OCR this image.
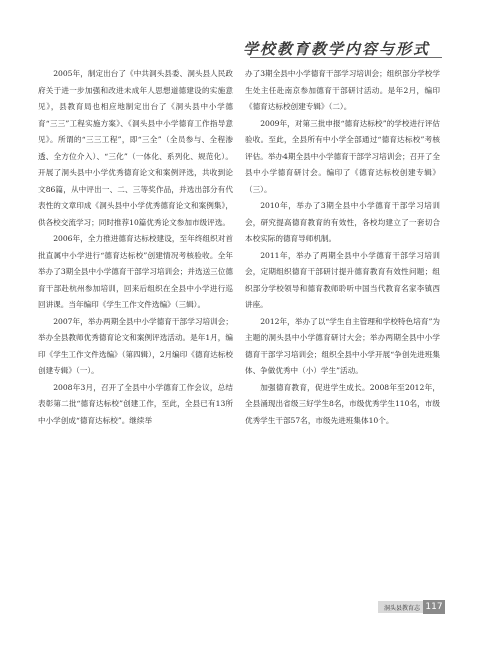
学校教育教学内容与形式

2005年，制定出台了《中共洞头县委、洞头县人民政府关于进一步加强和改进未成年人思想道德建设的实施意见》，县教育局也相应地制定出台了《洞头县中小学德育“三三”工程实施方案》、《洞头县中小学德育工作指导意见》。所谓的“三三工程”，即“三全”（全员参与、全程渗透、全方位介入）、“三化”（一体化、系列化、规范化）。开展了洞头县中小学优秀德育论文和案例评选，共收到论文86篇，从中评出一、二、三等奖作品，并选出部分有代表性的文章印成《洞头县中小学优秀德育论文和案例集》，供各校交流学习；同时推荐10篇优秀论文参加市级评选。

2006年，全力推进德育达标校建设，至年终组织对首批直属中小学进行“德育达标校”创建情况考核验收。全年举办了3期全县中小学德育干部学习培训会；并选送三位德育干部赴杭州参加培训，回来后组织在全县中小学进行巡回讲课。当年编印《学生工作文件选编》（三辑）。

2007年，举办两期全县中小学德育干部学习培训会；举办全县教师优秀德育论文和案例评选活动。是年1月，编印《学生工作文件选编》（第四辑），2月编印《德育达标校创建专辑》（一）。

2008年3月，召开了全县中小学德育工作会议，总结表彰第二批“德育达标校”创建工作，至此，全县已有13所中小学创成“德育达标校”。继续举

办了3期全县中小学德育干部学习培训会；组织部分学校学生处主任赴南京参加德育干部研讨活动。是年2月，编印《德育达标校创建专辑》（二）。

2009年，对第三批申报“德育达标校”的学校进行评估验收。至此，全县所有中小学全部通过“德育达标校”考核评估。举办4期全县中小学德育干部学习培训会；召开了全县中小学德育研讨会。编印了《德育达标校创建专辑》（三）。

2010年，举办了3期全县中小学德育干部学习培训会，研究提高德育教育的有效性，各校均建立了一套切合本校实际的德育导师机制。

2011年，举办了两期全县中小学德育干部学习培训会，定期组织德育干部研讨提升德育教育有效性问题；组织部分学校领导和德育教师聆听中国当代教育名家李镇西讲座。

2012年，举办了以“学生自主管理和学校特色培育”为主题的洞头县中小学德育研讨大会；举办两期全县中小学德育干部学习培训会；组织全县中小学开展“争创先进班集体、争做优秀中（小）学生”活动。

加强德育教育，促进学生成长。2008年至2012年，全县涌现出省级三好学生8名，市级优秀学生110名，市级优秀学生干部57名，市级先进班集体10个。

洞头县教育志 117
